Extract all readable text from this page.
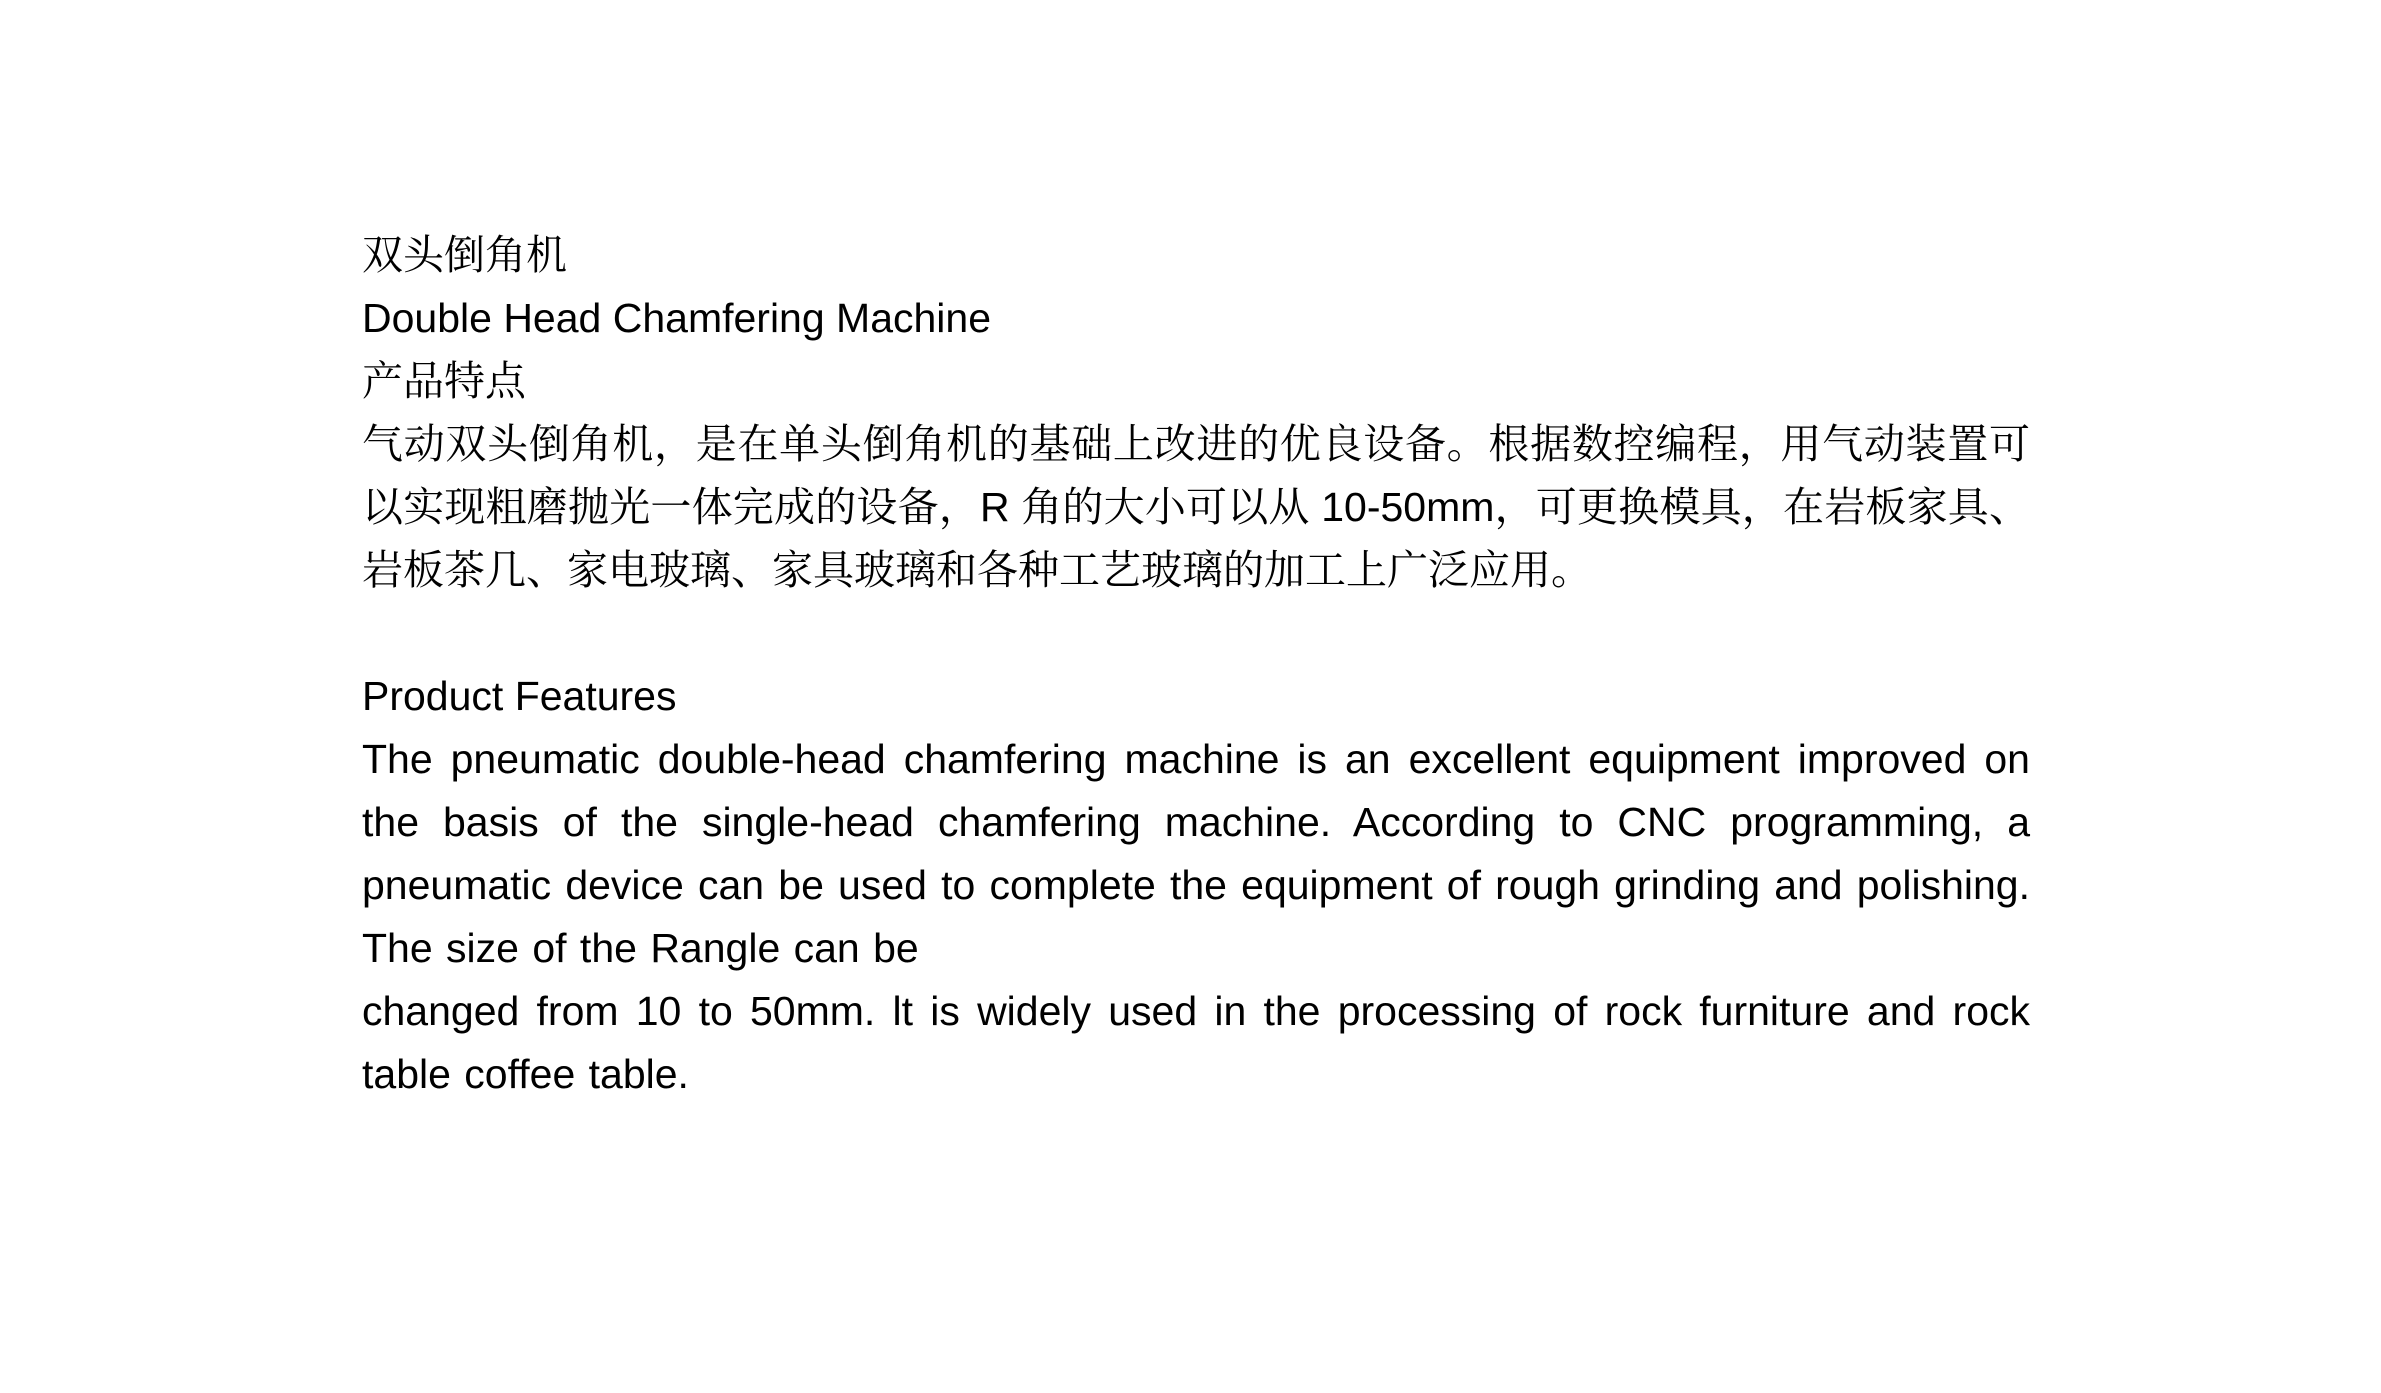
双头倒角机
Double Head Chamfering Machine
产品特点
气动双头倒角机，是在单头倒角机的基础上改进的优良设备。根据数控编程，用气动装置可以实现粗磨抛光一体完成的设备，R 角的大小可以从 10-50mm，可更换模具，在岩板家具、岩板茶几、家电玻璃、家具玻璃和各种工艺玻璃的加工上广泛应用。
Product Features
The pneumatic double-head chamfering machine is an excellent equipment improved on the basis of the single-head chamfering machine. According to CNC programming, a pneumatic device can be used to complete the equipment of rough grinding and polishing. The size of the Rangle can be
changed from 10 to 50mm. lt is widely used in the processing of rock furniture and rock table coffee table.
